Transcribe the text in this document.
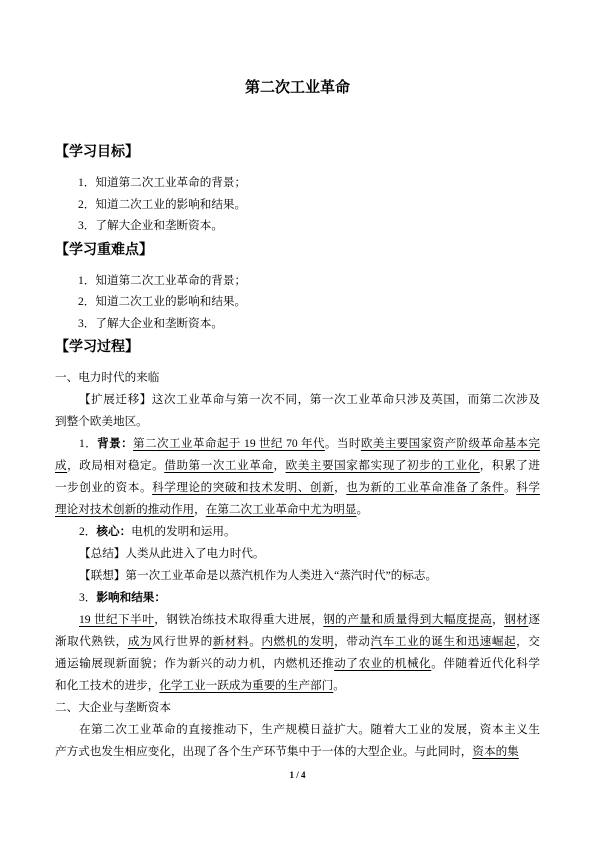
第二次工业革命
【学习目标】
1．知道第二次工业革命的背景；
2．知道二次工业的影响和结果。
3．了解大企业和垄断资本。
【学习重难点】
1．知道第二次工业革命的背景；
2．知道二次工业的影响和结果。
3．了解大企业和垄断资本。
【学习过程】
一、电力时代的来临
【扩展迁移】这次工业革命与第一次不同，第一次工业革命只涉及英国，而第二次涉及
到整个欧美地区。
1．背景：第二次工业革命起于 19 世纪 70 年代。当时欧美主要国家资产阶级革命基本完
成，政局相对稳定。借助第一次工业革命，欧美主要国家都实现了初步的工业化，积累了进
一步创业的资本。科学理论的突破和技术发明、创新，也为新的工业革命准备了条件。科学
理论对技术创新的推动作用，在第二次工业革命中尤为明显。
2．核心：电机的发明和运用。
【总结】人类从此进入了电力时代。
【联想】第一次工业革命是以蒸汽机作为人类进入“蒸汽时代”的标志。
3．影响和结果：
19 世纪下半叶，钢铁冶练技术取得重大进展，钢的产量和质量得到大幅度提高，钢材逐
渐取代熟铁，成为风行世界的新材料。内燃机的发明，带动汽车工业的诞生和迅速崛起，交
通运输展现新面貌；作为新兴的动力机，内燃机还推动了农业的机械化。伴随着近代化科学
和化工技术的进步，化学工业一跃成为重要的生产部门。
二、大企业与垄断资本
在第二次工业革命的直接推动下，生产规模日益扩大。随着大工业的发展，资本主义生
产方式也发生相应变化，出现了各个生产环节集中于一体的大型企业。与此同时，资本的集
1 / 4
